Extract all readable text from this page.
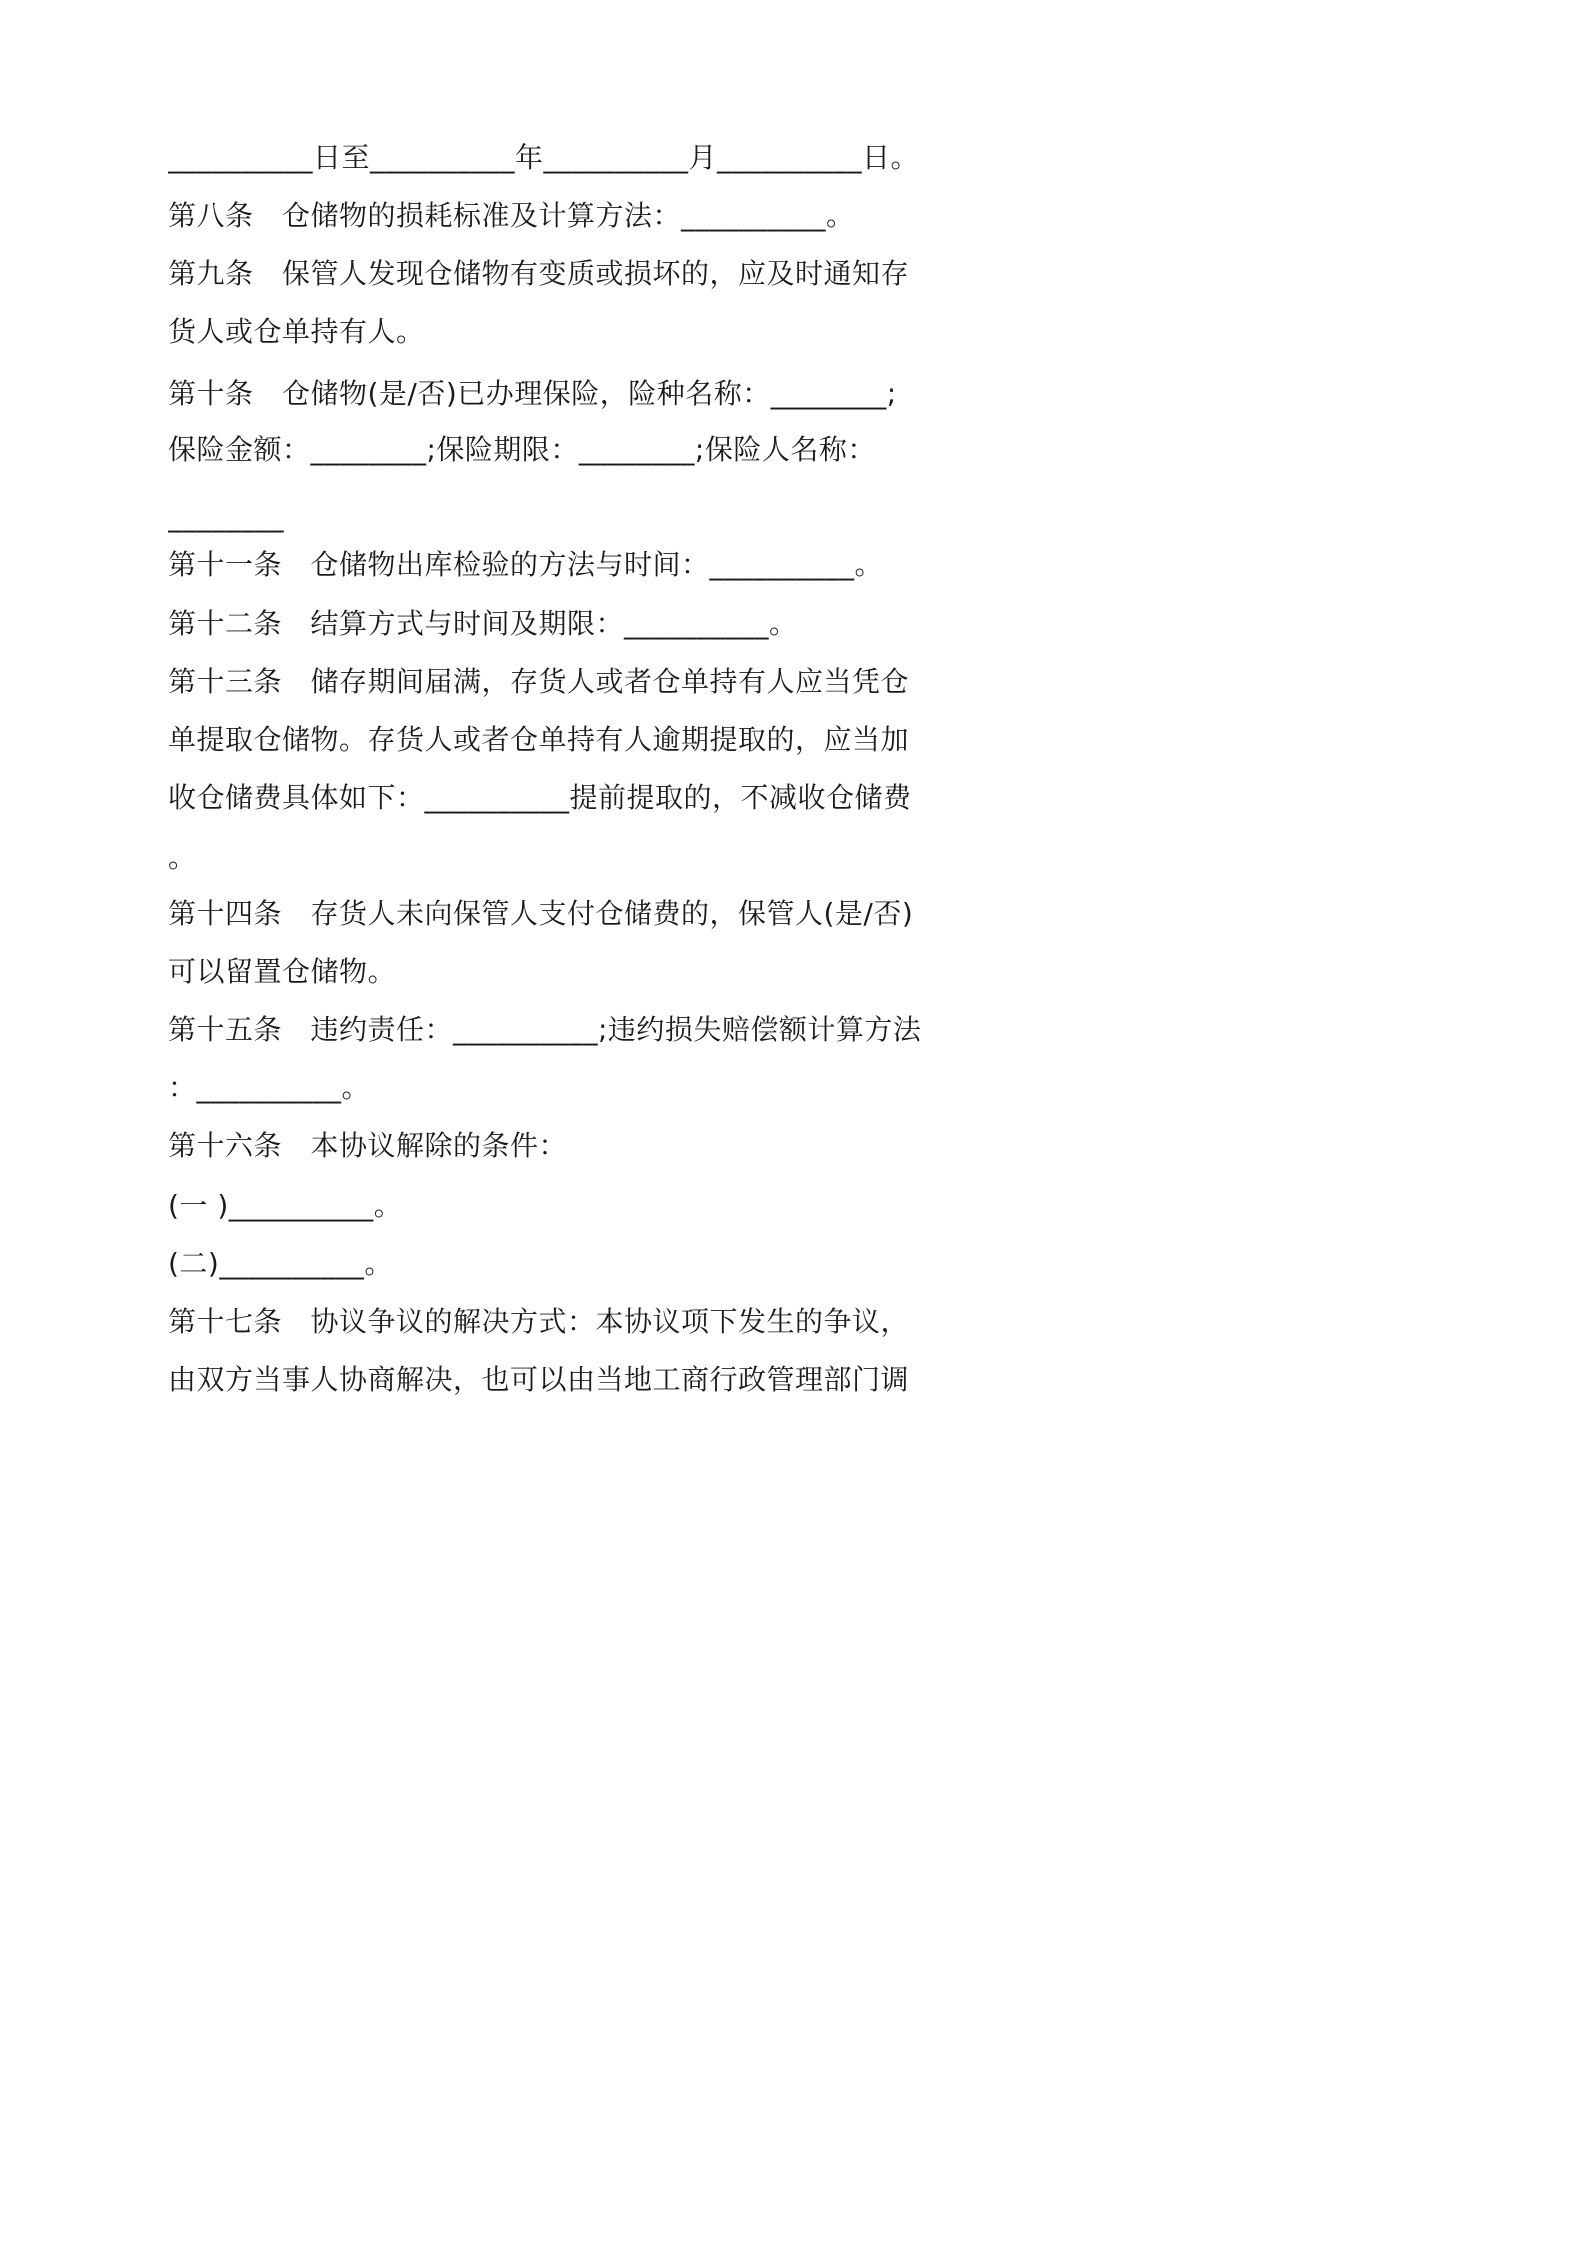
__________日至__________年__________月__________日。
第八条　仓储物的损耗标准及计算方法：__________。
第九条　保管人发现仓储物有变质或损坏的，应及时通知存
货人或仓单持有人。
第十条　仓储物(是/否)已办理保险，险种名称：________;
保险金额：________;保险期限：________;保险人名称：
________
第十一条　仓储物出库检验的方法与时间：__________。
第十二条　结算方式与时间及期限：__________。
第十三条　储存期间届满，存货人或者仓单持有人应当凭仓
单提取仓储物。存货人或者仓单持有人逾期提取的，应当加
收仓储费具体如下：__________提前提取的，不减收仓储费
。
第十四条　存货人未向保管人支付仓储费的，保管人(是/否)
可以留置仓储物。
第十五条　违约责任：__________;违约损失赔偿额计算方法
：__________。
第十六条　本协议解除的条件：
(一 )__________。
(二)__________。
第十七条　协议争议的解决方式：本协议项下发生的争议，
由双方当事人协商解决，也可以由当地工商行政管理部门调
